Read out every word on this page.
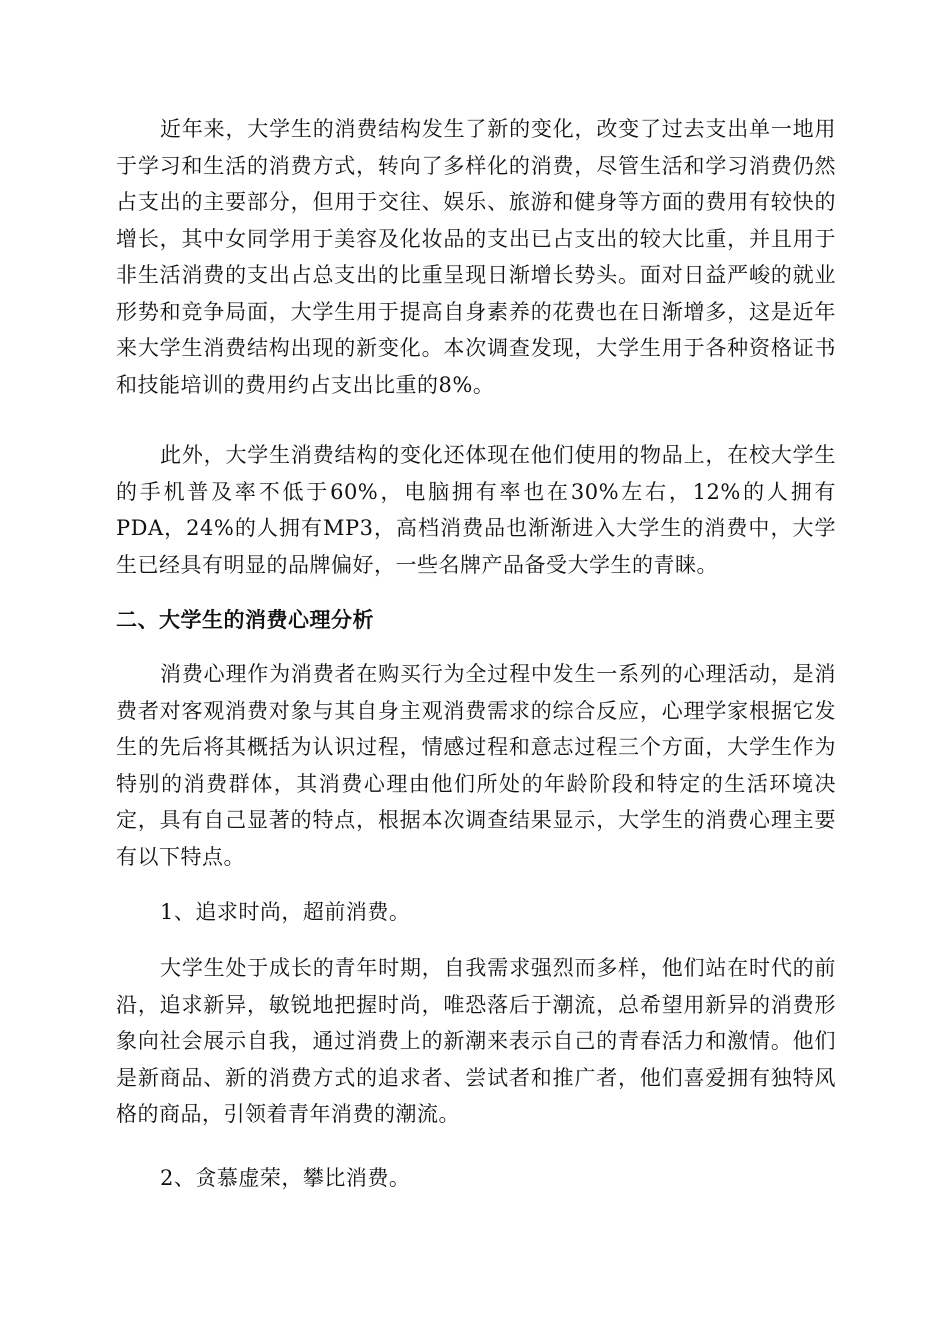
近年来，大学生的消费结构发生了新的变化，改变了过去支出单一地用于学习和生活的消费方式，转向了多样化的消费，尽管生活和学习消费仍然占支出的主要部分，但用于交往、娱乐、旅游和健身等方面的费用有较快的增长，其中女同学用于美容及化妆品的支出已占支出的较大比重，并且用于非生活消费的支出占总支出的比重呈现日渐增长势头。面对日益严峻的就业形势和竞争局面，大学生用于提高自身素养的花费也在日渐增多，这是近年来大学生消费结构出现的新变化。本次调查发现，大学生用于各种资格证书和技能培训的费用约占支出比重的8%。

此外，大学生消费结构的变化还体现在他们使用的物品上，在校大学生的手机普及率不低于60%，电脑拥有率也在30%左右，12%的人拥有PDA，24%的人拥有MP3，高档消费品也渐渐进入大学生的消费中，大学生已经具有明显的品牌偏好，一些名牌产品备受大学生的青睐。

二、大学生的消费心理分析

消费心理作为消费者在购买行为全过程中发生一系列的心理活动，是消费者对客观消费对象与其自身主观消费需求的综合反应，心理学家根据它发生的先后将其概括为认识过程，情感过程和意志过程三个方面，大学生作为特别的消费群体，其消费心理由他们所处的年龄阶段和特定的生活环境决定，具有自己显著的特点，根据本次调查结果显示，大学生的消费心理主要有以下特点。

1、追求时尚，超前消费。

大学生处于成长的青年时期，自我需求强烈而多样，他们站在时代的前沿，追求新异，敏锐地把握时尚，唯恐落后于潮流，总希望用新异的消费形象向社会展示自我，通过消费上的新潮来表示自己的青春活力和激情。他们是新商品、新的消费方式的追求者、尝试者和推广者，他们喜爱拥有独特风格的商品，引领着青年消费的潮流。

2、贪慕虚荣，攀比消费。
